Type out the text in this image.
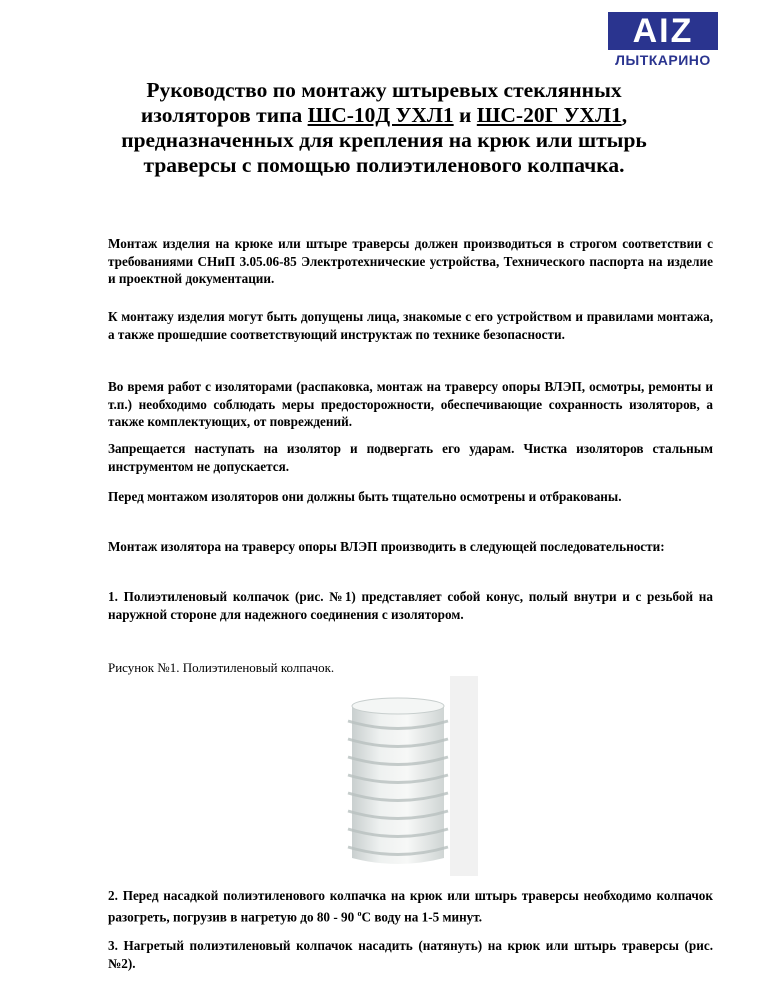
AIZ
ЛЫТКАРИНО
Руководство по монтажу штыревых стеклянных
изоляторов типа ШС-10Д УХЛ1 и ШС-20Г УХЛ1,
предназначенных для крепления на крюк или штырь
траверсы с помощью полиэтиленового колпачка.

Монтаж изделия на крюке или штыре траверсы должен производиться в строгом соответствии с требованиями СНиП 3.05.06-85 Электротехнические устройства, Технического паспорта на изделие и проектной документации.

К монтажу изделия могут быть допущены лица, знакомые с его устройством и правилами монтажа, а также прошедшие соответствующий инструктаж по технике безопасности.

Во время работ с изоляторами (распаковка, монтаж на траверсу опоры ВЛЭП, осмотры, ремонты и т.п.) необходимо соблюдать меры предосторожности, обеспечивающие сохранность изоляторов, а также комплектующих, от повреждений.

Запрещается наступать на изолятор и подвергать его ударам. Чистка изоляторов стальным инструментом не допускается.

Перед монтажом изоляторов они должны быть тщательно осмотрены и отбракованы.

Монтаж изолятора на траверсу опоры ВЛЭП производить в следующей последовательности:

1. Полиэтиленовый колпачок (рис. №1) представляет собой конус, полый внутри и с резьбой на наружной стороне для надежного соединения с изолятором.

Рисунок №1. Полиэтиленовый колпачок.

2. Перед насадкой полиэтиленового колпачка на крюк или штырь траверсы необходимо колпачок разогреть, погрузив в нагретую до 80 - 90 $^о$С воду на 1-5 минут.

3. Нагретый полиэтиленовый колпачок насадить (натянуть) на крюк или штырь траверсы (рис. №2).
